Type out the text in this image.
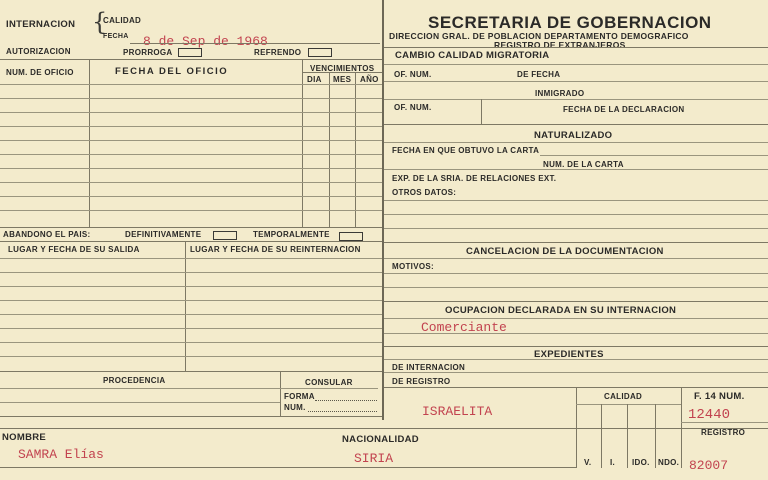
INTERNACION {
CALIDAD
FECHA 8 de Sep de 1968
AUTORIZACION	PRORROGA	REFRENDO
NUM. DE OFICIO	FECHA DEL OFICIO	VENCIMIENTOS
DIA MES AÑO
ABANDONO EL PAIS:	DEFINITIVAMENTE	TEMPORALMENTE
LUGAR Y FECHA DE SU SALIDA	LUGAR Y FECHA DE SU REINTERNACION
PROCEDENCIA	CONSULAR
FORMA
NUM.
SECRETARIA DE GOBERNACION
DIRECCION GRAL. DE POBLACION DEPARTAMENTO DEMOGRAFICO
REGISTRO DE EXTRANJEROS
CAMBIO CALIDAD MIGRATORIA
OF. NUM.	DE FECHA
INMIGRADO
OF. NUM.	FECHA DE LA DECLARACION
NATURALIZADO
FECHA EN QUE OBTUVO LA CARTA
NUM. DE LA CARTA
EXP. DE LA SRIA. DE RELACIONES EXT.
OTROS DATOS:
CANCELACION DE LA DOCUMENTACION
MOTIVOS:
OCUPACION DECLARADA EN SU INTERNACION
Comerciante
EXPEDIENTES
DE INTERNACION
DE REGISTRO
ISRAELITA
CALIDAD
V. I. IDO. NDO.
F. 14 NUM.
12440
REGISTRO
82007
NOMBRE
SAMRA Elías
NACIONALIDAD
SIRIA
